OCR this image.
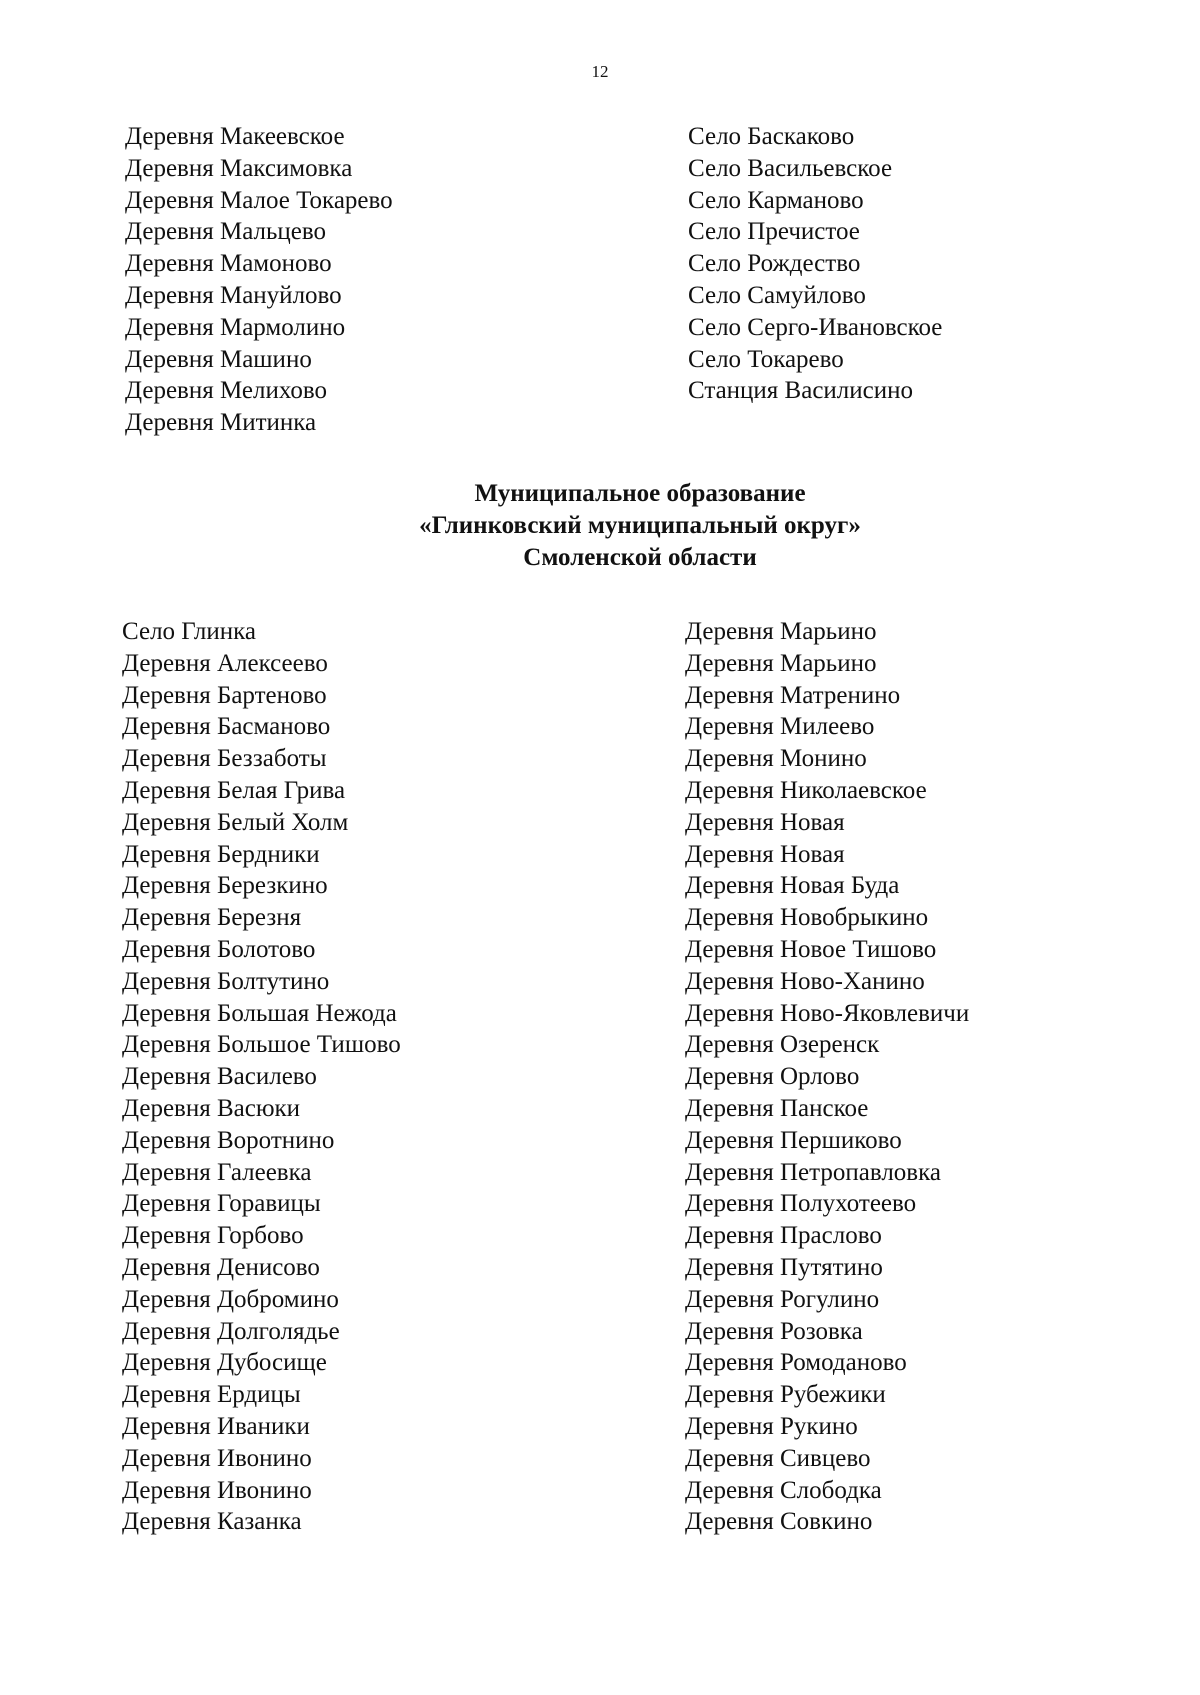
12
Деревня Макеевское
Деревня Максимовка
Деревня Малое Токарево
Деревня Мальцево
Деревня Мамоново
Деревня Мануйлово
Деревня Мармолино
Деревня Машино
Деревня Мелихово
Деревня Митинка
Село Баскаково
Село Васильевское
Село Карманово
Село Пречистое
Село Рождество
Село Самуйлово
Село Серго-Ивановское
Село Токарево
Станция Василисино
Муниципальное образование
«Глинковский муниципальный округ»
Смоленской области
Село Глинка
Деревня Алексеево
Деревня Бартеново
Деревня Басманово
Деревня Беззаботы
Деревня Белая Грива
Деревня Белый Холм
Деревня Бердники
Деревня Березкино
Деревня Березня
Деревня Болотово
Деревня Болтутино
Деревня Большая Нежода
Деревня Большое Тишово
Деревня Василево
Деревня Васюки
Деревня Воротнино
Деревня Галеевка
Деревня Горавицы
Деревня Горбово
Деревня Денисово
Деревня Добромино
Деревня Долголядье
Деревня Дубосище
Деревня Ердицы
Деревня Иваники
Деревня Ивонино
Деревня Ивонино
Деревня Казанка
Деревня Марьино
Деревня Марьино
Деревня Матренино
Деревня Милеево
Деревня Монино
Деревня Николаевское
Деревня Новая
Деревня Новая
Деревня Новая Буда
Деревня Новобрыкино
Деревня Новое Тишово
Деревня Ново-Ханино
Деревня Ново-Яковлевичи
Деревня Озеренск
Деревня Орлово
Деревня Панское
Деревня Першиково
Деревня Петропавловка
Деревня Полухотеево
Деревня Праслово
Деревня Путятино
Деревня Рогулино
Деревня Розовка
Деревня Ромоданово
Деревня Рубежики
Деревня Рукино
Деревня Сивцево
Деревня Слободка
Деревня Совкино
